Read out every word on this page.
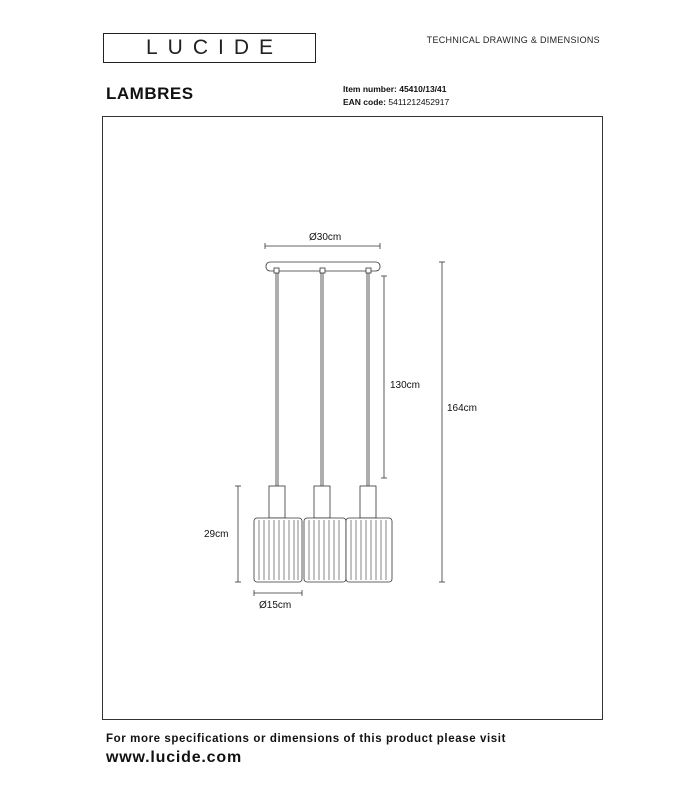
LUCIDE	TECHNICAL DRAWING & DIMENSIONS
LAMBRES	Item number: 45410/13/41
EAN code: 5411212452917
Ø30cm
130cm
164cm
29cm
Ø15cm
For more specifications or dimensions of this product please visit
www.lucide.com
